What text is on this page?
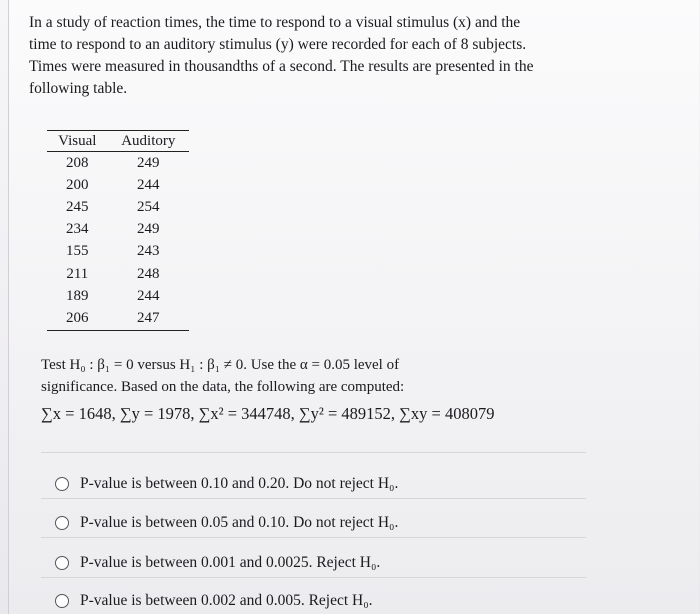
In a study of reaction times, the time to respond to a visual stimulus (x) and the

time to respond to an auditory stimulus (y) were recorded for each of 8 subjects.

Times were measured in thousandths of a second. The results are presented in the

following table.

Visual	Auditory
208	249
200	244
245	254
234	249
155	243
211	248
189	244
206	247

Test H₀ : β₁ = 0 versus H₁ : β₁ ≠ 0. Use the α = 0.05 level of

significance. Based on the data, the following are computed:

∑x = 1648, ∑y = 1978, ∑x² = 344748, ∑y² = 489152, ∑xy = 408079
P-value is between 0.10 and 0.20. Do not reject H₀.
P-value is between 0.05 and 0.10. Do not reject H₀.
P-value is between 0.001 and 0.0025. Reject H₀.
P-value is between 0.002 and 0.005. Reject H₀.
